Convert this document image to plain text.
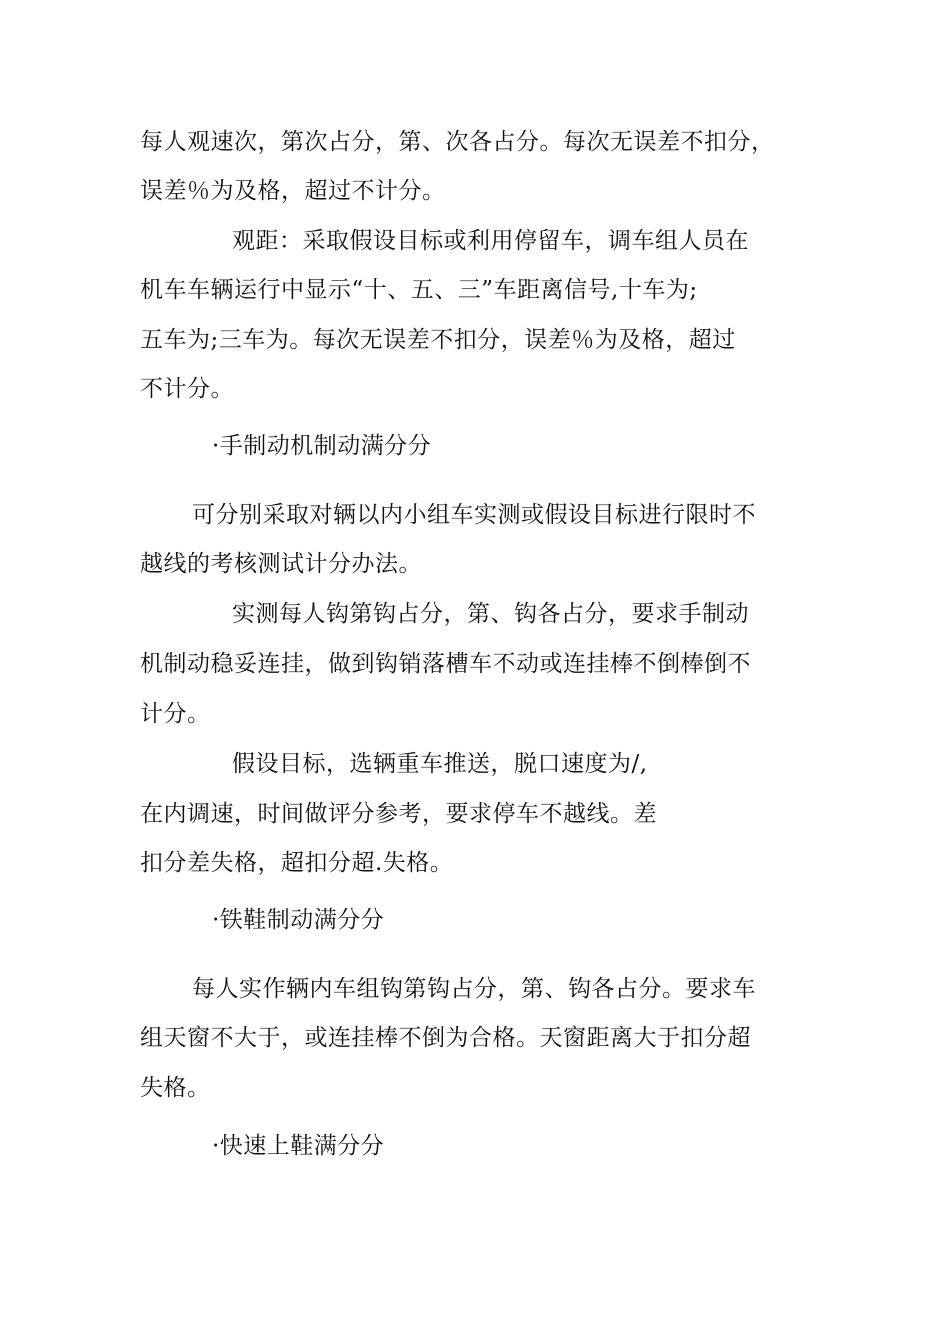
每人观速次，第次占分，第、次各占分。每次无误差不扣分，
误差％为及格，超过不计分。
观距：采取假设目标或利用停留车，调车组人员在
机车车辆运行中显示“十、五、三”车距离信号,十车为;
五车为;三车为。每次无误差不扣分，误差％为及格，超过
不计分。
·手制动机制动满分分
可分别采取对辆以内小组车实测或假设目标进行限时不
越线的考核测试计分办法。
实测每人钩第钩占分，第、钩各占分，要求手制动
机制动稳妥连挂，做到钩销落槽车不动或连挂棒不倒棒倒不
计分。
假设目标，选辆重车推送，脱口速度为/,
在内调速，时间做评分参考，要求停车不越线。差
扣分差失格，超扣分超.失格。
·铁鞋制动满分分
每人实作辆内车组钩第钩占分，第、钩各占分。要求车
组天窗不大于，或连挂棒不倒为合格。天窗距离大于扣分超
失格。
·快速上鞋满分分
